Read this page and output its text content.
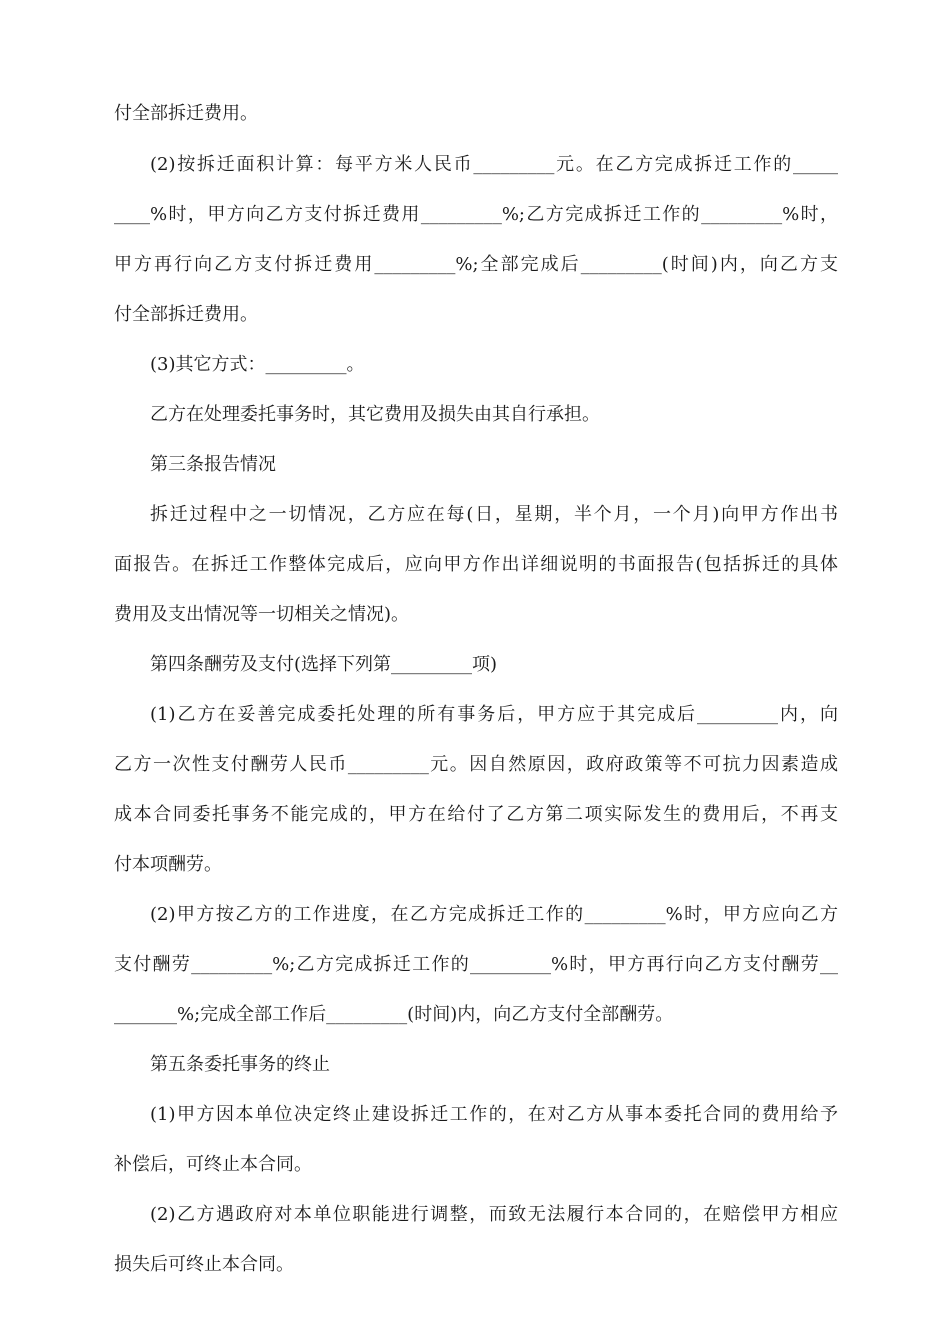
付全部拆迁费用。
(2)按拆迁面积计算：每平方米人民币_________元。在乙方完成拆迁工作的_____
____%时，甲方向乙方支付拆迁费用_________%;乙方完成拆迁工作的_________%时，
甲方再行向乙方支付拆迁费用_________%;全部完成后_________(时间)内，向乙方支
付全部拆迁费用。
(3)其它方式：_________。
乙方在处理委托事务时，其它费用及损失由其自行承担。
第三条报告情况
拆迁过程中之一切情况，乙方应在每(日，星期，半个月，一个月)向甲方作出书
面报告。在拆迁工作整体完成后，应向甲方作出详细说明的书面报告(包括拆迁的具体
费用及支出情况等一切相关之情况)。
第四条酬劳及支付(选择下列第_________项)
(1)乙方在妥善完成委托处理的所有事务后，甲方应于其完成后_________内，向
乙方一次性支付酬劳人民币_________元。因自然原因，政府政策等不可抗力因素造成
成本合同委托事务不能完成的，甲方在给付了乙方第二项实际发生的费用后，不再支
付本项酬劳。
(2)甲方按乙方的工作进度，在乙方完成拆迁工作的_________%时，甲方应向乙方
支付酬劳_________%;乙方完成拆迁工作的_________%时，甲方再行向乙方支付酬劳__
_______%;完成全部工作后_________(时间)内，向乙方支付全部酬劳。
第五条委托事务的终止
(1)甲方因本单位决定终止建设拆迁工作的，在对乙方从事本委托合同的费用给予
补偿后，可终止本合同。
(2)乙方遇政府对本单位职能进行调整，而致无法履行本合同的，在赔偿甲方相应
损失后可终止本合同。
